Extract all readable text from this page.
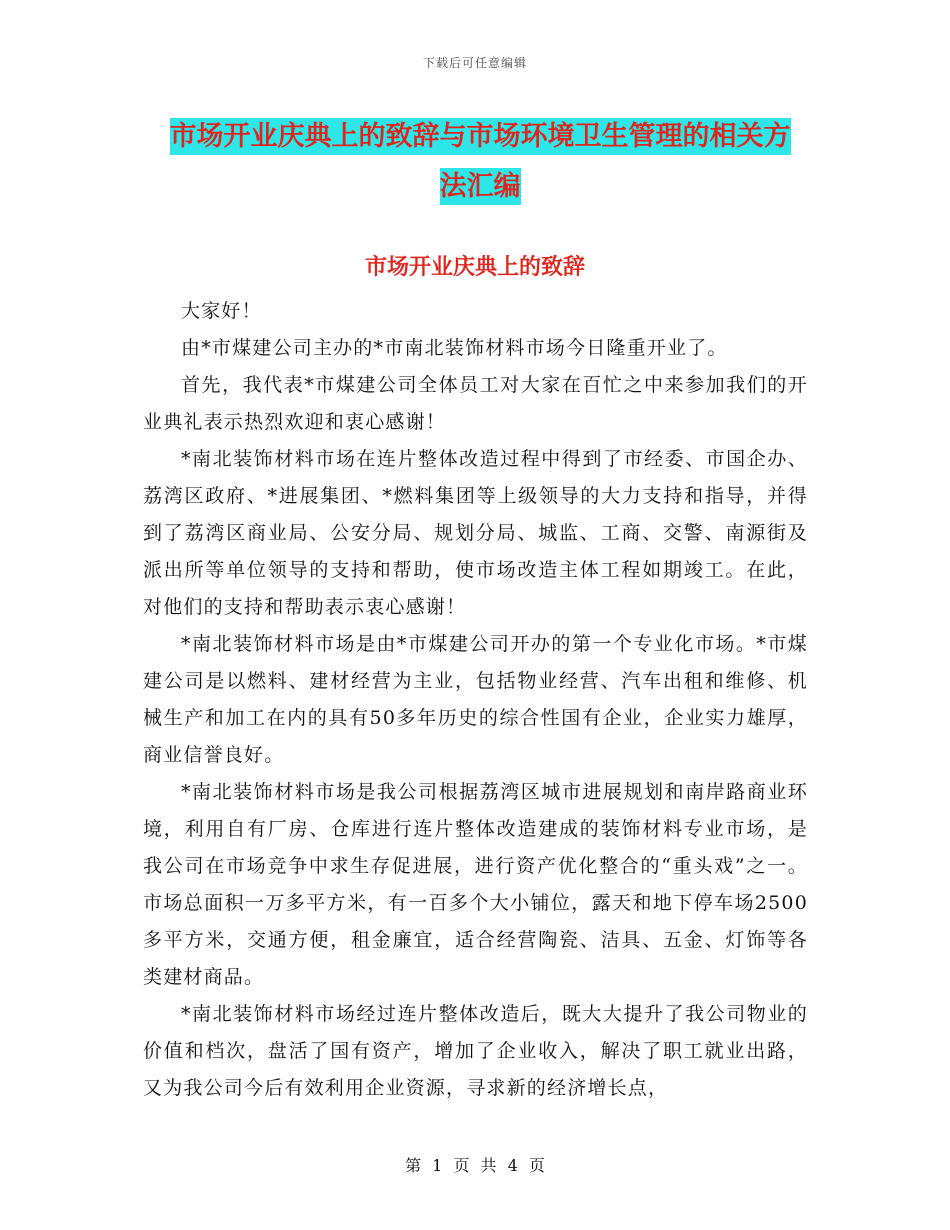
下载后可任意编辑
市场开业庆典上的致辞与市场环境卫生管理的相关方
法汇编
市场开业庆典上的致辞

大家好！

由*市煤建公司主办的*市南北装饰材料市场今日隆重开业了。

首先，我代表*市煤建公司全体员工对大家在百忙之中来参加我们的开业典礼表示热烈欢迎和衷心感谢！

*南北装饰材料市场在连片整体改造过程中得到了市经委、市国企办、荔湾区政府、*进展集团、*燃料集团等上级领导的大力支持和指导，并得到了荔湾区商业局、公安分局、规划分局、城监、工商、交警、南源街及派出所等单位领导的支持和帮助，使市场改造主体工程如期竣工。在此，对他们的支持和帮助表示衷心感谢！

*南北装饰材料市场是由*市煤建公司开办的第一个专业化市场。*市煤建公司是以燃料、建材经营为主业，包括物业经营、汽车出租和维修、机械生产和加工在内的具有50多年历史的综合性国有企业，企业实力雄厚，商业信誉良好。

*南北装饰材料市场是我公司根据荔湾区城市进展规划和南岸路商业环境，利用自有厂房、仓库进行连片整体改造建成的装饰材料专业市场，是我公司在市场竞争中求生存促进展，进行资产优化整合的“重头戏”之一。市场总面积一万多平方米，有一百多个大小铺位，露天和地下停车场2500多平方米，交通方便，租金廉宜，适合经营陶瓷、洁具、五金、灯饰等各类建材商品。

*南北装饰材料市场经过连片整体改造后，既大大提升了我公司物业的价值和档次，盘活了国有资产，增加了企业收入，解决了职工就业出路，又为我公司今后有效利用企业资源，寻求新的经济增长点，

第 1 页 共 4 页
